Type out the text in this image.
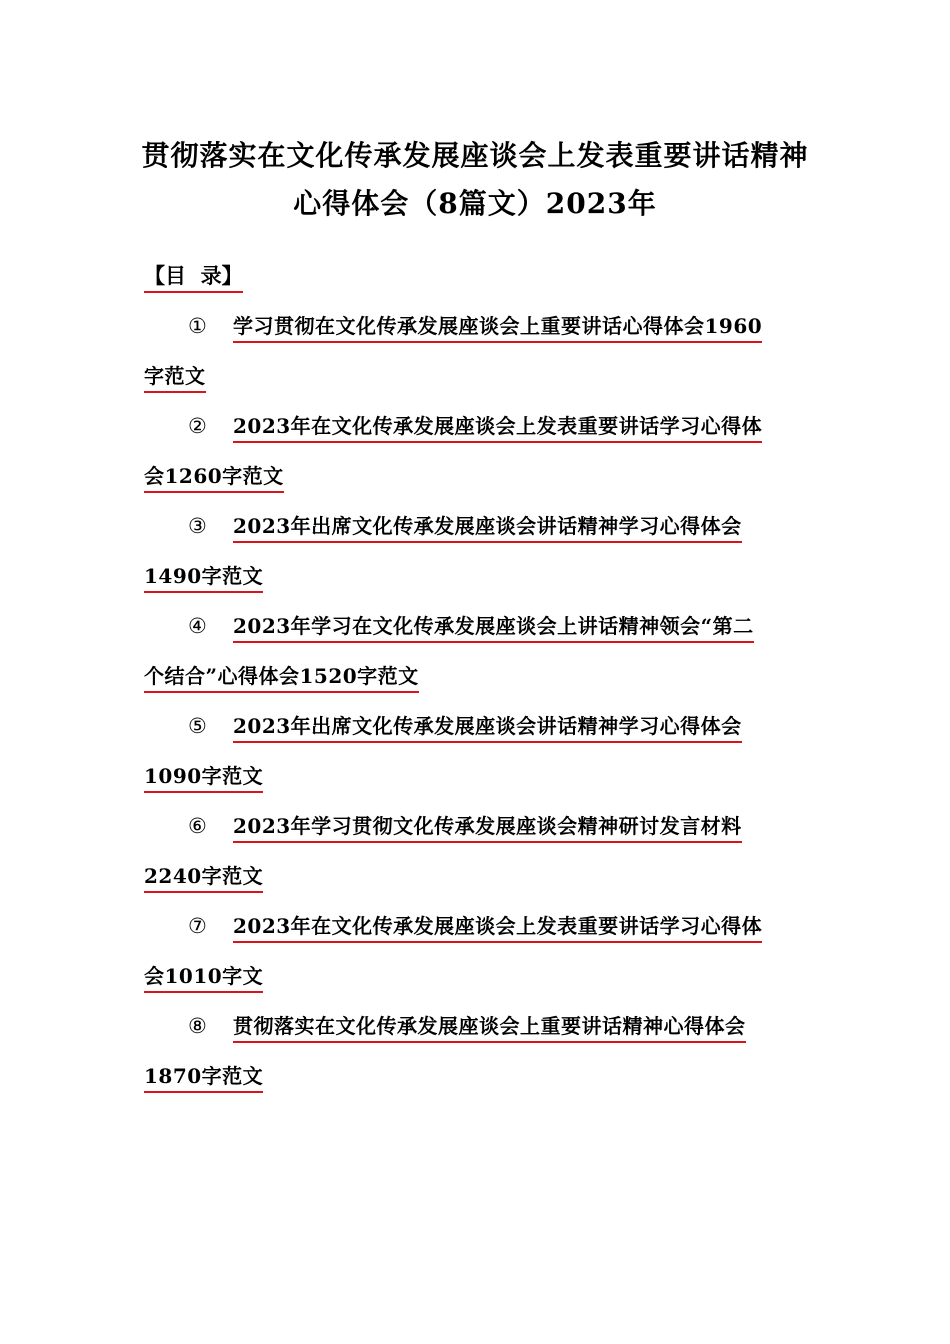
贯彻落实在文化传承发展座谈会上发表重要讲话精神
心得体会（8篇文）2023年
【目  录】
① 学习贯彻在文化传承发展座谈会上重要讲话心得体会1960
字范文
② 2023年在文化传承发展座谈会上发表重要讲话学习心得体
会1260字范文
③ 2023年出席文化传承发展座谈会讲话精神学习心得体会
1490字范文
④ 2023年学习在文化传承发展座谈会上讲话精神领会“第二
个结合”心得体会1520字范文
⑤ 2023年出席文化传承发展座谈会讲话精神学习心得体会
1090字范文
⑥ 2023年学习贯彻文化传承发展座谈会精神研讨发言材料
2240字范文
⑦ 2023年在文化传承发展座谈会上发表重要讲话学习心得体
会1010字文
⑧ 贯彻落实在文化传承发展座谈会上重要讲话精神心得体会
1870字范文
